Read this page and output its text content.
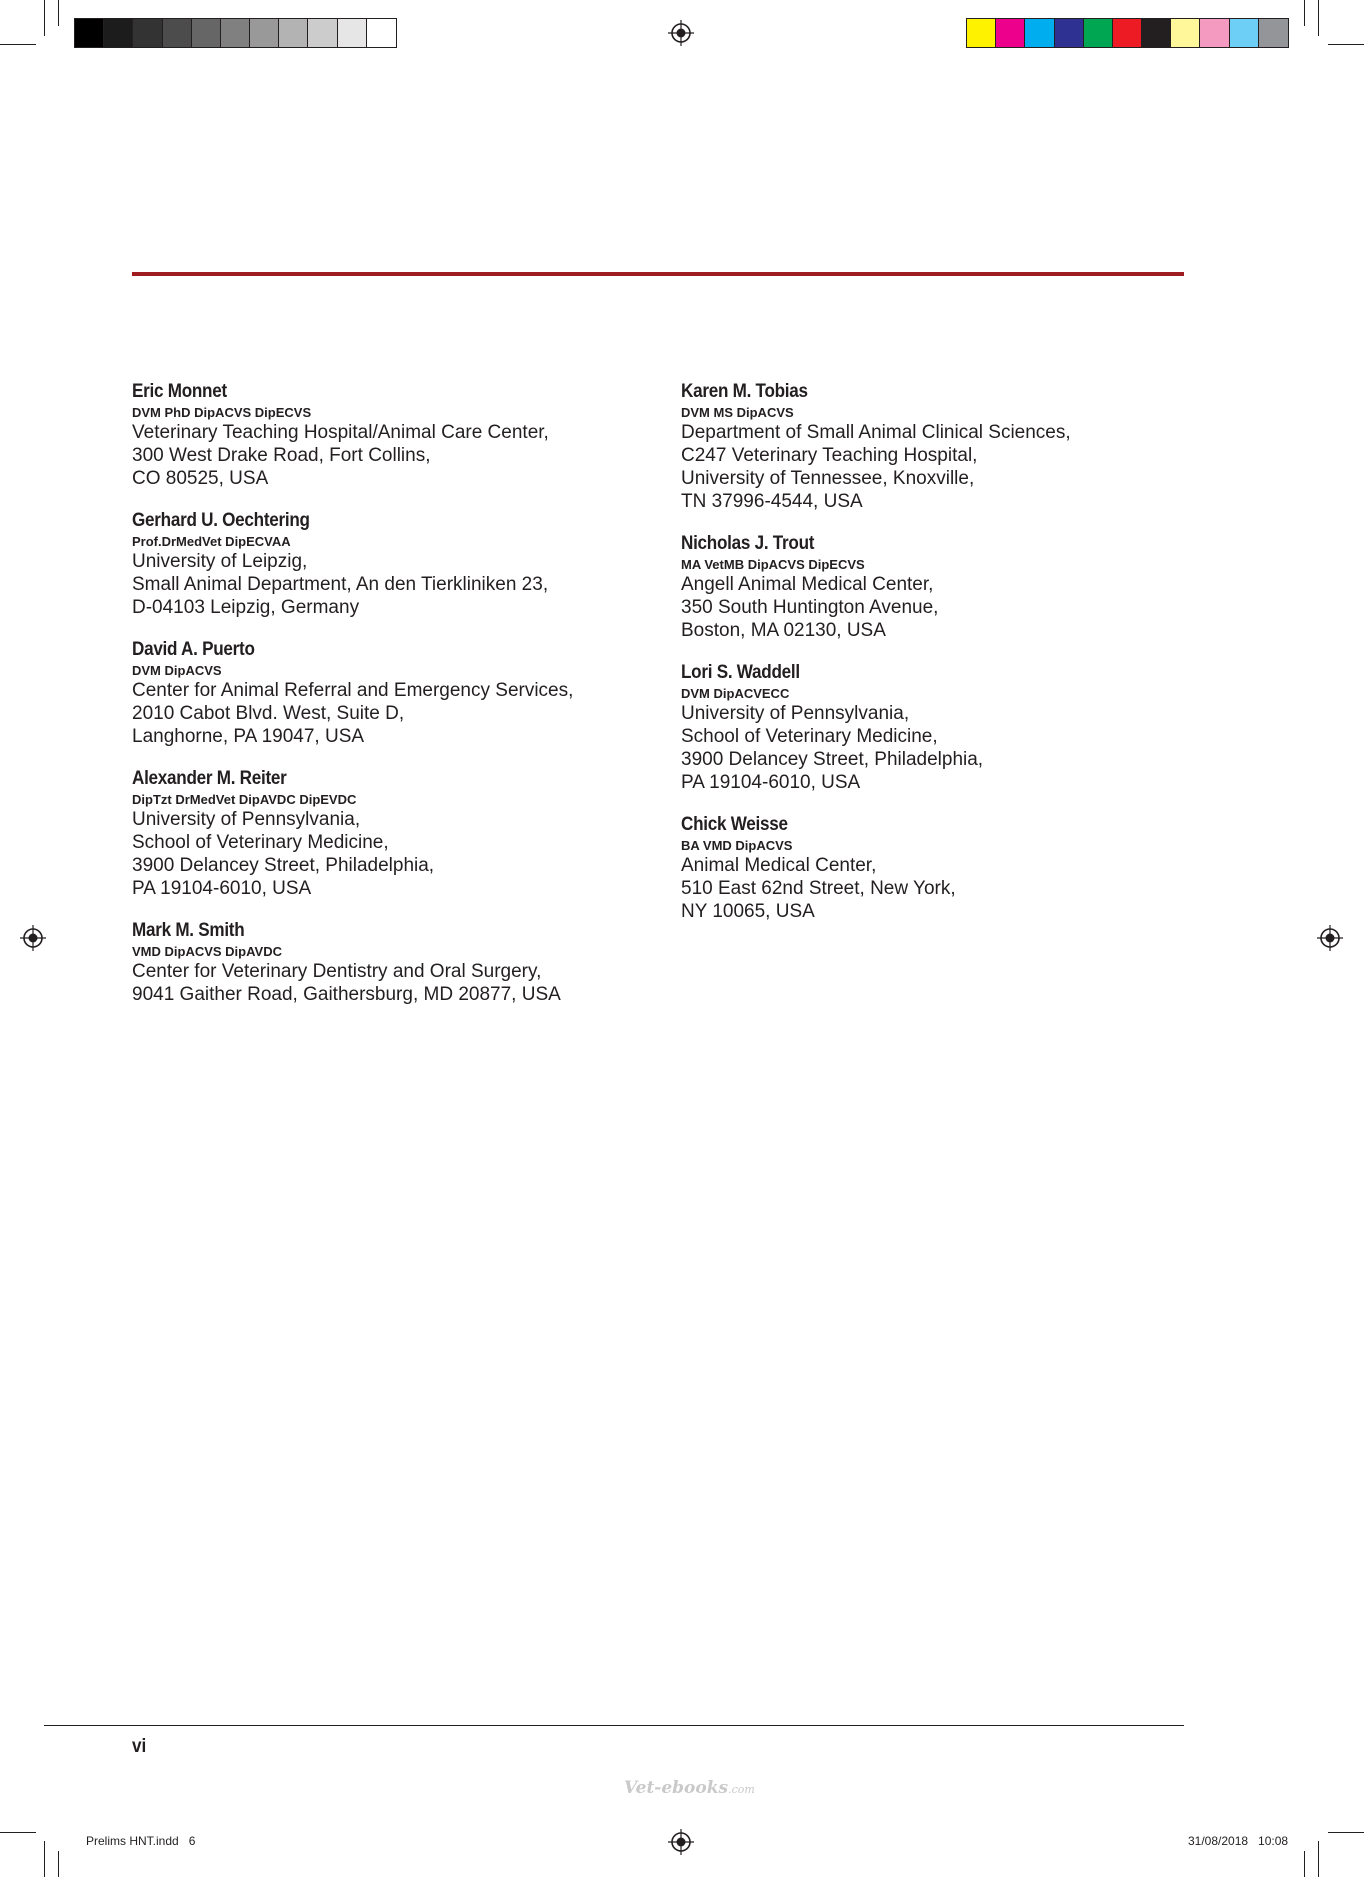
Eric Monnet
DVM PhD DipACVS DipECVS
Veterinary Teaching Hospital/Animal Care Center,
300 West Drake Road, Fort Collins,
CO 80525, USA
Gerhard U. Oechtering
Prof.DrMedVet DipECVAA
University of Leipzig,
Small Animal Department, An den Tierkliniken 23,
D-04103 Leipzig, Germany
David A. Puerto
DVM DipACVS
Center for Animal Referral and Emergency Services,
2010 Cabot Blvd. West, Suite D,
Langhorne, PA 19047, USA
Alexander M. Reiter
DipTzt DrMedVet DipAVDC DipEVDC
University of Pennsylvania,
School of Veterinary Medicine,
3900 Delancey Street, Philadelphia,
PA 19104-6010, USA
Mark M. Smith
VMD DipACVS DipAVDC
Center for Veterinary Dentistry and Oral Surgery,
9041 Gaither Road, Gaithersburg, MD 20877, USA
Karen M. Tobias
DVM MS DipACVS
Department of Small Animal Clinical Sciences,
C247 Veterinary Teaching Hospital,
University of Tennessee, Knoxville,
TN 37996-4544, USA
Nicholas J. Trout
MA VetMB DipACVS DipECVS
Angell Animal Medical Center,
350 South Huntington Avenue,
Boston, MA 02130, USA
Lori S. Waddell
DVM DipACVECC
University of Pennsylvania,
School of Veterinary Medicine,
3900 Delancey Street, Philadelphia,
PA 19104-6010, USA
Chick Weisse
BA VMD DipACVS
Animal Medical Center,
510 East 62nd Street, New York,
NY 10065, USA
vi
Vet-ebooks.com
Prelims HNT.indd   6	31/08/2018   10:08
